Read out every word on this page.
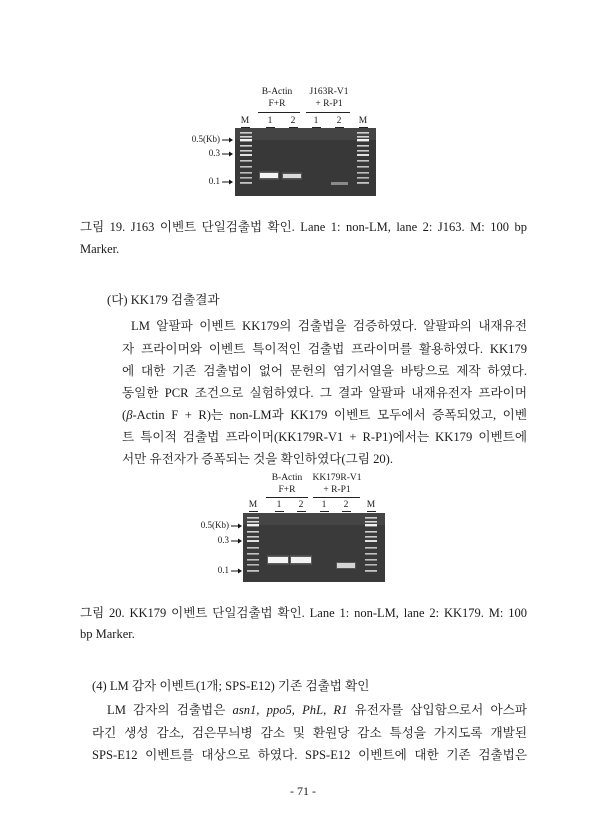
B-Actin
F+R
J163R-V1
+ R-P1
M	1	2	1	2	M
0.5(Kb)
0.3
0.1
그림 19. J163 이벤트 단일검출법 확인. Lane 1: non-LM, lane 2: J163. M: 100 bp
Marker.
(다) KK179 검출결과
LM 알팔파 이벤트 KK179의 검출법을 검증하였다. 알팔파의 내재유전
자 프라이머와 이벤트 특이적인 검출법 프라이머를 활용하였다. KK179
에 대한 기존 검출법이 없어 문헌의 염기서열을 바탕으로 제작 하였다.
동일한 PCR 조건으로 실험하였다. 그 결과 알팔파 내재유전자 프라이머
(β-Actin F + R)는 non-LM과 KK179 이벤트 모두에서 증폭되었고, 이벤
트 특이적 검출법 프라이머(KK179R-V1 + R-P1)에서는 KK179 이벤트에
서만 유전자가 증폭되는 것을 확인하였다(그림 20).
B-Actin
F+R
KK179R-V1
+ R-P1
M	1	2	1	2	M
0.5(Kb)
0.3
0.1
그림 20. KK179 이벤트 단일검출법 확인. Lane 1: non-LM, lane 2: KK179. M: 100
bp Marker.
(4) LM 감자 이벤트(1개; SPS-E12) 기존 검출법 확인
LM 감자의 검출법은 asn1, ppo5, PhL, R1 유전자를 삽입함으로서 아스파
라긴 생성 감소, 검은무늬병 감소 및 환원당 감소 특성을 가지도록 개발된
SPS-E12 이벤트를 대상으로 하였다. SPS-E12 이벤트에 대한 기존 검출법은
- 71 -
